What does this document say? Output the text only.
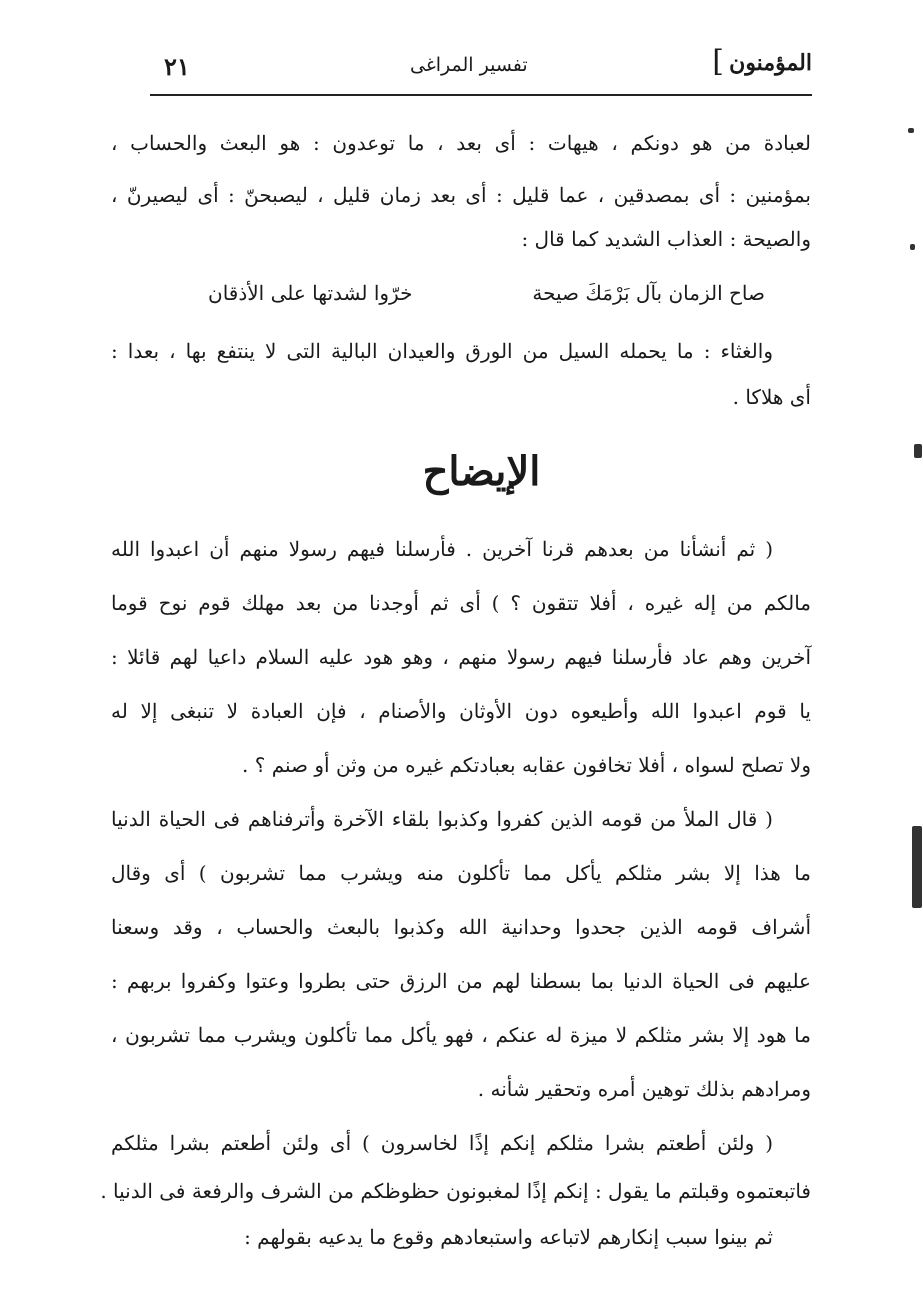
المؤمنون
]
تفسير المراغى
٢١
لعبادة من هو دونكم ، هيهات : أى بعد ، ما توعدون : هو البعث والحساب ،
بمؤمنين : أى بمصدقين ، عما قليل : أى بعد زمان قليل ، ليصبحنّ : أى ليصيرنّ ،
والصيحة : العذاب الشديد كما قال :
صاح الزمان بآل بَرْمَكَ صيحة
خرّوا لشدتها على الأذقان
والغثاء : ما يحمله السيل من الورق والعيدان البالية التى لا ينتفع بها ، بعدا :
أى هلاكا .
الإيضاح
( ثم أنشأنا من بعدهم قرنا آخرين . فأرسلنا فيهم رسولا منهم أن اعبدوا الله
مالكم من إله غيره ، أفلا تتقون ؟ ) أى ثم أوجدنا من بعد مهلك قوم نوح قوما
آخرين وهم عاد فأرسلنا فيهم رسولا منهم ، وهو هود عليه السلام داعيا لهم قائلا :
يا قوم اعبدوا الله وأطيعوه دون الأوثان والأصنام ، فإن العبادة لا تنبغى إلا له
ولا تصلح لسواه ، أفلا تخافون عقابه بعبادتكم غيره من وثن أو صنم ؟ .
( قال الملأ من قومه الذين كفروا وكذبوا بلقاء الآخرة وأترفناهم فى الحياة الدنيا
ما هذا إلا بشر مثلكم يأكل مما تأكلون منه ويشرب مما تشربون ) أى وقال
أشراف قومه الذين جحدوا وحدانية الله وكذبوا بالبعث والحساب ، وقد وسعنا
عليهم فى الحياة الدنيا بما بسطنا لهم من الرزق حتى بطروا وعتوا وكفروا بربهم :
ما هود إلا بشر مثلكم لا ميزة له عنكم ، فهو يأكل مما تأكلون ويشرب مما تشربون ،
ومرادهم بذلك توهين أمره وتحقير شأنه .
( ولئن أطعتم بشرا مثلكم إنكم إذًا لخاسرون ) أى ولئن أطعتم بشرا مثلكم
فاتبعتموه وقبلتم ما يقول : إنكم إذًا لمغبونون حظوظكم من الشرف والرفعة فى الدنيا .
ثم بينوا سبب إنكارهم لاتباعه واستبعادهم وقوع ما يدعيه بقولهم :
